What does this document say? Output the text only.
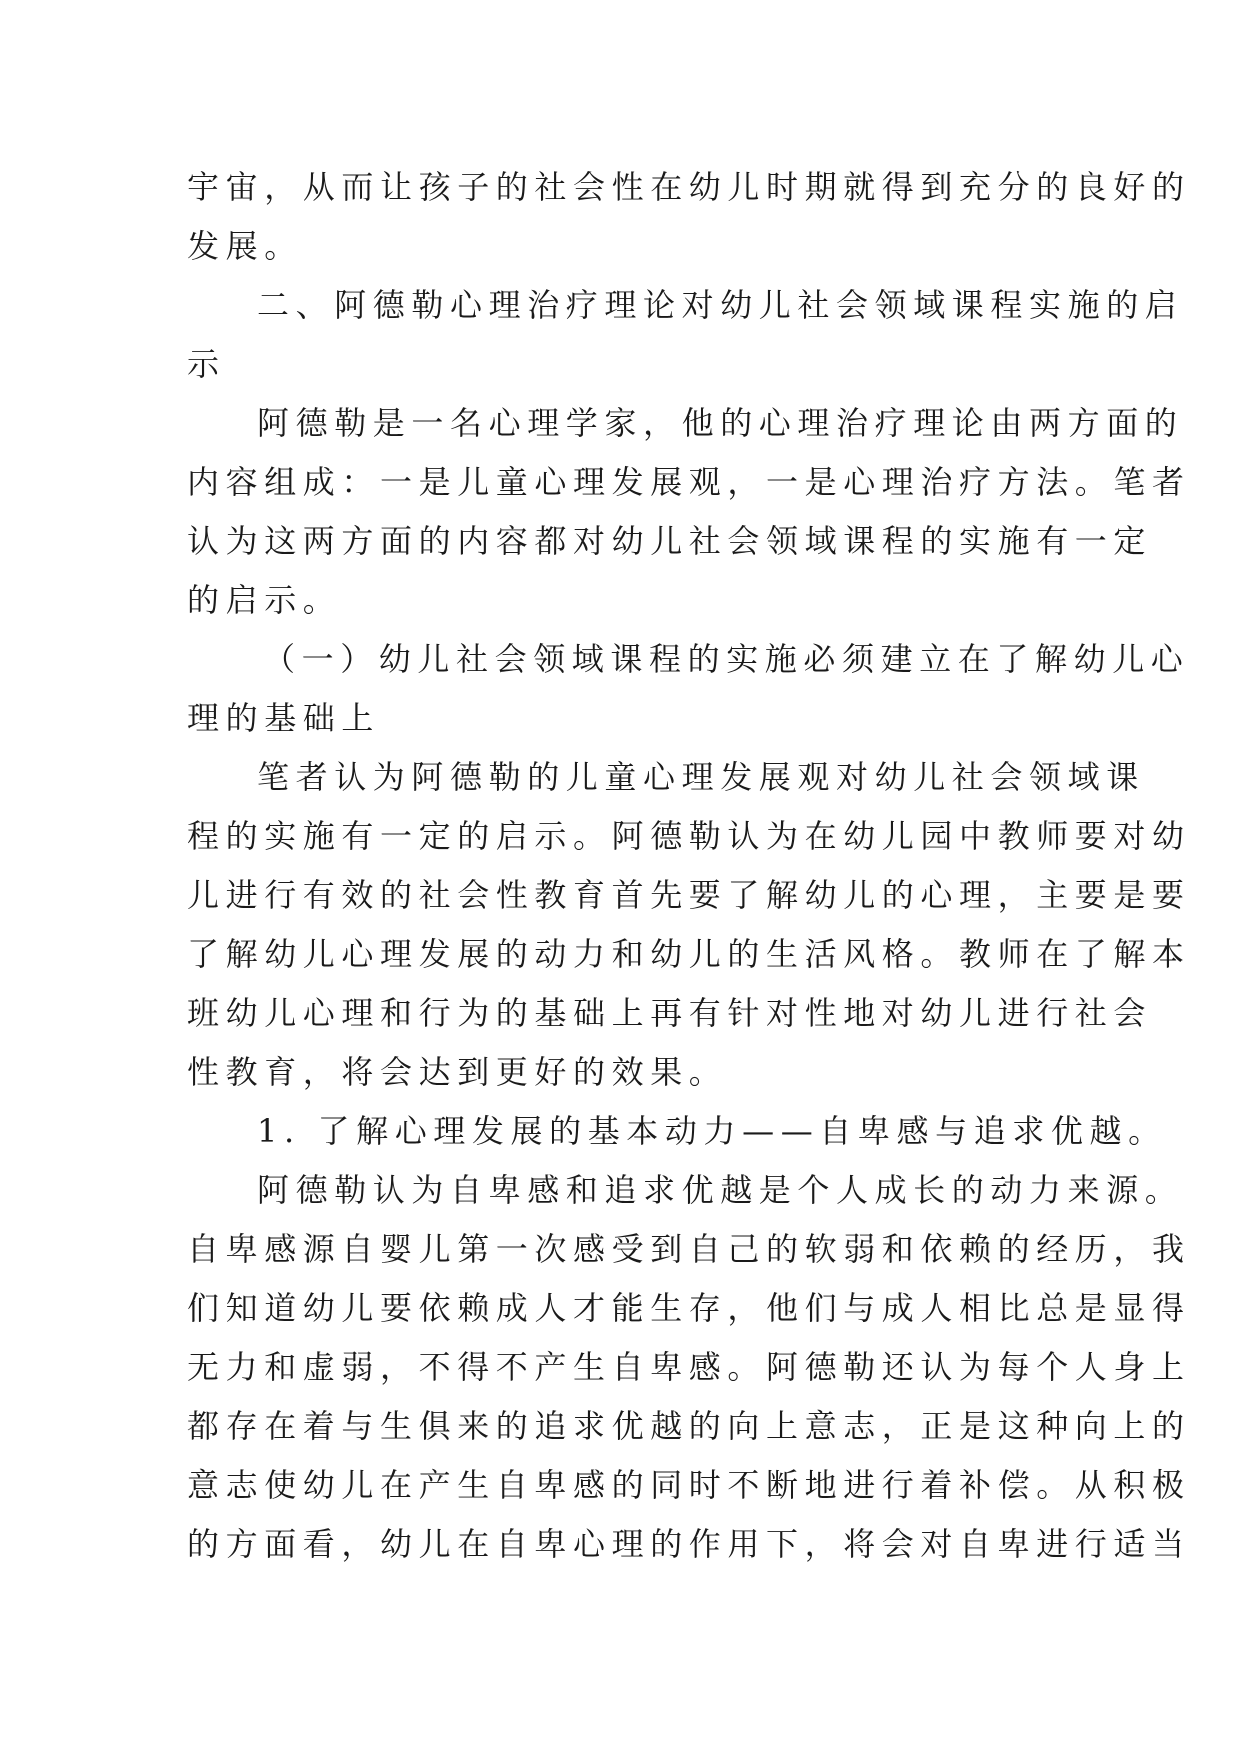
宇宙，从而让孩子的社会性在幼儿时期就得到充分的良好的
发展。
二、阿德勒心理治疗理论对幼儿社会领域课程实施的启
示
阿德勒是一名心理学家，他的心理治疗理论由两方面的
内容组成：一是儿童心理发展观，一是心理治疗方法。笔者
认为这两方面的内容都对幼儿社会领域课程的实施有一定
的启示。
（一）幼儿社会领域课程的实施必须建立在了解幼儿心
理的基础上
笔者认为阿德勒的儿童心理发展观对幼儿社会领域课
程的实施有一定的启示。阿德勒认为在幼儿园中教师要对幼
儿进行有效的社会性教育首先要了解幼儿的心理，主要是要
了解幼儿心理发展的动力和幼儿的生活风格。教师在了解本
班幼儿心理和行为的基础上再有针对性地对幼儿进行社会
性教育，将会达到更好的效果。
1. 了解心理发展的基本动力——自卑感与追求优越。
阿德勒认为自卑感和追求优越是个人成长的动力来源。
自卑感源自婴儿第一次感受到自己的软弱和依赖的经历，我
们知道幼儿要依赖成人才能生存，他们与成人相比总是显得
无力和虚弱，不得不产生自卑感。阿德勒还认为每个人身上
都存在着与生俱来的追求优越的向上意志，正是这种向上的
意志使幼儿在产生自卑感的同时不断地进行着补偿。从积极
的方面看，幼儿在自卑心理的作用下，将会对自卑进行适当
